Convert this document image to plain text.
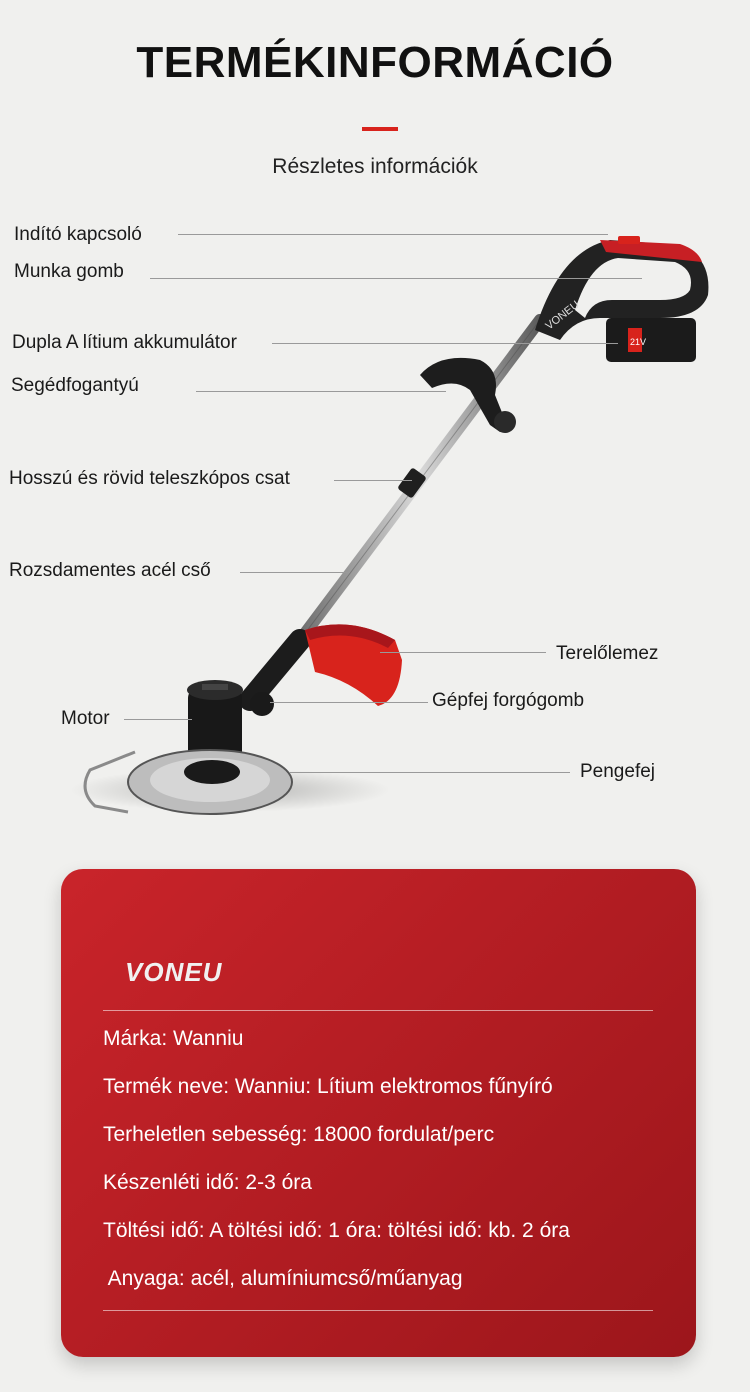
TERMÉKINFORMÁCIÓ
Részletes információk
21V
VONEU
Indító kapcsoló
Munka gomb
Dupla A lítium akkumulátor
Segédfogantyú
Hosszú és rövid teleszkópos csat
Rozsdamentes acél cső
Motor
Terelőlemez
Gépfej forgógomb
Pengefej
VONEU
Márka: Wanniu
Termék neve: Wanniu: Lítium elektromos fűnyíró
Terheletlen sebesség: 18000 fordulat/perc
Készenléti idő: 2-3 óra
Töltési idő: A töltési idő: 1 óra: töltési idő: kb. 2 óra
Anyaga: acél, alumíniumcső/műanyag
